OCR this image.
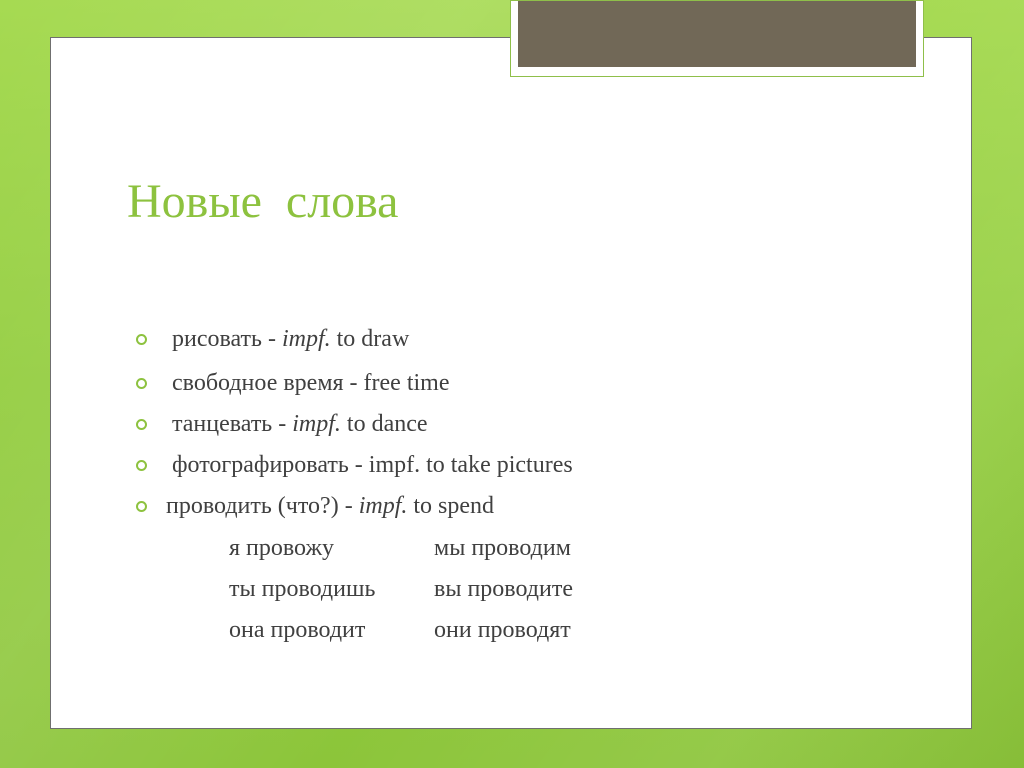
Новые  слова
рисовать - impf. to draw
свободное время - free time
танцевать - impf. to dance
фотографировать - impf. to take pictures
проводить (что?) - impf. to spend
я провожу	мы проводим
ты проводишь вы проводите
она проводит	они проводят
